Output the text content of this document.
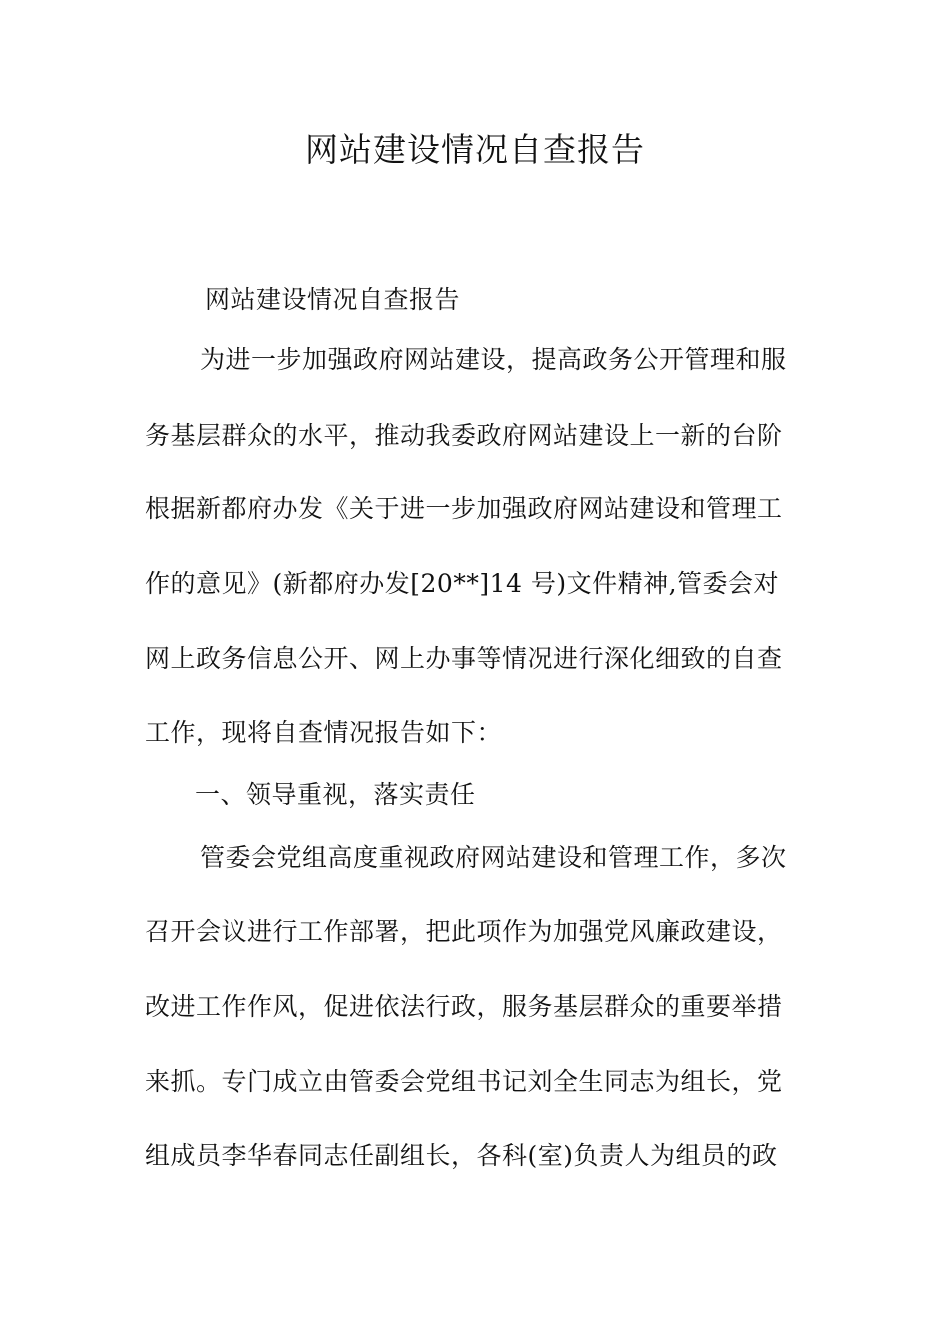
网站建设情况自查报告

网站建设情况自查报告

为进一步加强政府网站建设，提高政务公开管理和服

务基层群众的水平，推动我委政府网站建设上一新的台阶

根据新都府办发《关于进一步加强政府网站建设和管理工

作的意见》(新都府办发[20**]14 号)文件精神,管委会对

网上政务信息公开、网上办事等情况进行深化细致的自查

工作，现将自查情况报告如下：

一、领导重视，落实责任

管委会党组高度重视政府网站建设和管理工作，多次

召开会议进行工作部署，把此项作为加强党风廉政建设，

改进工作作风，促进依法行政，服务基层群众的重要举措

来抓。专门成立由管委会党组书记刘全生同志为组长，党

组成员李华春同志任副组长，各科(室)负责人为组员的政
